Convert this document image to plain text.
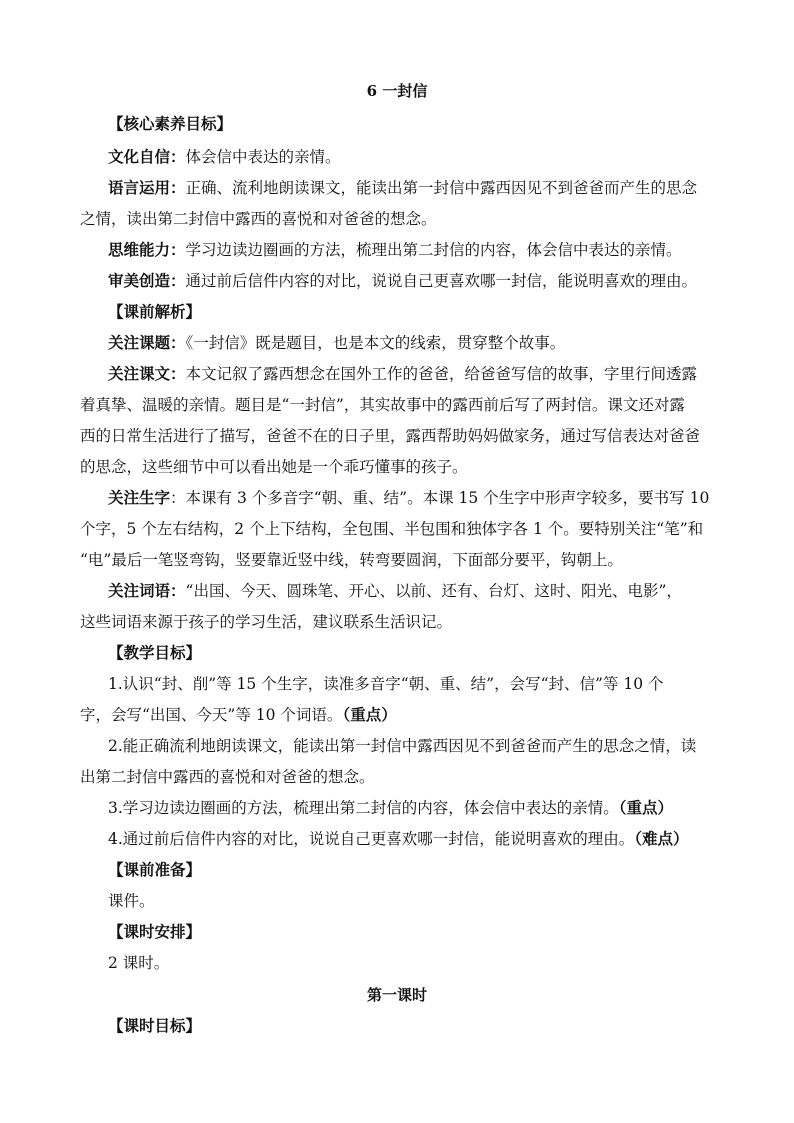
6 一封信
【核心素养目标】
文化自信：体会信中表达的亲情。
语言运用：正确、流利地朗读课文，能读出第一封信中露西因见不到爸爸而产生的思念
之情，读出第二封信中露西的喜悦和对爸爸的想念。
思维能力：学习边读边圈画的方法，梳理出第二封信的内容，体会信中表达的亲情。
审美创造：通过前后信件内容的对比，说说自己更喜欢哪一封信，能说明喜欢的理由。
【课前解析】
关注课题：《一封信》既是题目，也是本文的线索，贯穿整个故事。
关注课文：本文记叙了露西想念在国外工作的爸爸，给爸爸写信的故事，字里行间透露
着真挚、温暖的亲情。题目是“一封信”，其实故事中的露西前后写了两封信。课文还对露
西的日常生活进行了描写，爸爸不在的日子里，露西帮助妈妈做家务，通过写信表达对爸爸
的思念，这些细节中可以看出她是一个乖巧懂事的孩子。
关注生字：本课有 3 个多音字“朝、重、结”。本课 15 个生字中形声字较多，要书写 10
个字，5 个左右结构，2 个上下结构，全包围、半包围和独体字各 1 个。要特别关注“笔”和
“电”最后一笔竖弯钩，竖要靠近竖中线，转弯要圆润，下面部分要平，钩朝上。
关注词语：“出国、今天、圆珠笔、开心、以前、还有、台灯、这时、阳光、电影”，
这些词语来源于孩子的学习生活，建议联系生活识记。
【教学目标】
1.认识“封、削”等 15 个生字，读准多音字“朝、重、结”，会写“封、信”等 10 个
字，会写“出国、今天”等 10 个词语。（重点）
2.能正确流利地朗读课文，能读出第一封信中露西因见不到爸爸而产生的思念之情，读
出第二封信中露西的喜悦和对爸爸的想念。
3.学习边读边圈画的方法，梳理出第二封信的内容，体会信中表达的亲情。（重点）
4.通过前后信件内容的对比，说说自己更喜欢哪一封信，能说明喜欢的理由。（难点）
【课前准备】
课件。
【课时安排】
2 课时。
第一课时
【课时目标】
